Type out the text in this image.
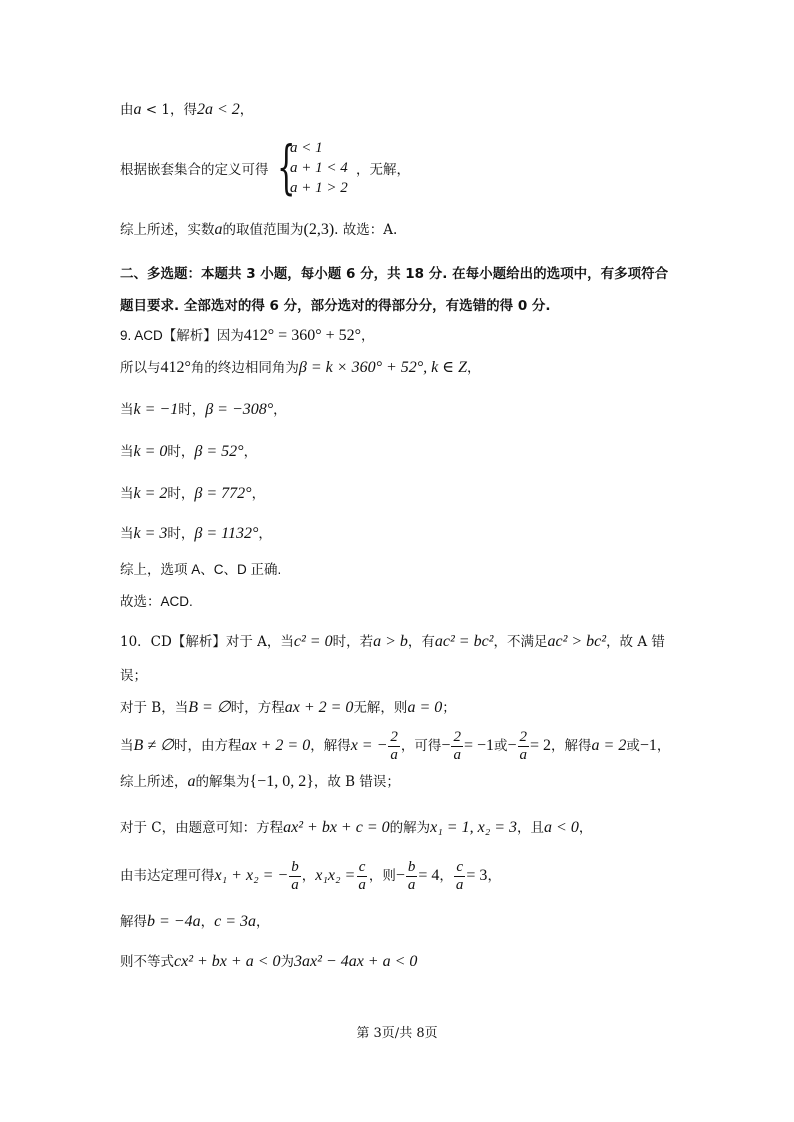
由a < 1，得2a < 2，
根据嵌套集合的定义可得 {
a < 1
a + 1 < 4
a + 1 > 2
，无解，
综上所述，实数a的取值范围为(2,3). 故选：A.
二、多选题：本题共 3 小题，每小题 6 分，共 18 分. 在每小题给出的选项中，有多项符合
题目要求. 全部选对的得 6 分，部分选对的得部分分，有选错的得 0 分.
9. ACD【解析】因为412° = 360° + 52°，
所以与412°角的终边相同角为β = k × 360° + 52°, k ∈ Z，
当k = −1时，β = −308°，
当k = 0时，β = 52°，
当k = 2时，β = 772°，
当k = 3时，β = 1132°，
综上，选项 A、C、D 正确.
故选：ACD.
10．CD【解析】对于 A，当c² = 0时，若a > b，有ac² = bc²，不满足ac² > bc²，故 A 错
误；
对于 B，当B = ∅时，方程ax + 2 = 0无解，则a = 0；
当B ≠ ∅时，由方程ax + 2 = 0，解得x = − $\frac{2}{a}$ ，可得− $\frac{2}{a} = -1$或− $\frac{2}{a} = 2$，解得a = 2或−1，
综上所述，a的解集为{−1, 0, 2}，故 B 错误；
对于 C，由题意可知：方程ax² + bx + c = 0的解为x₁ = 1, x₂ = 3，且a < 0，
由韦达定理可得x₁ + x₂ = − $\frac{b}{a}$ ，$x_1x_2 = \frac{c}{a}$ ，则− $\frac{b}{a} = 4$， $\frac{c}{a} = 3$，
解得b = −4a，c = 3a，
则不等式cx² + bx + a < 0为3ax² − 4ax + a < 0
第 3页/共 8页
